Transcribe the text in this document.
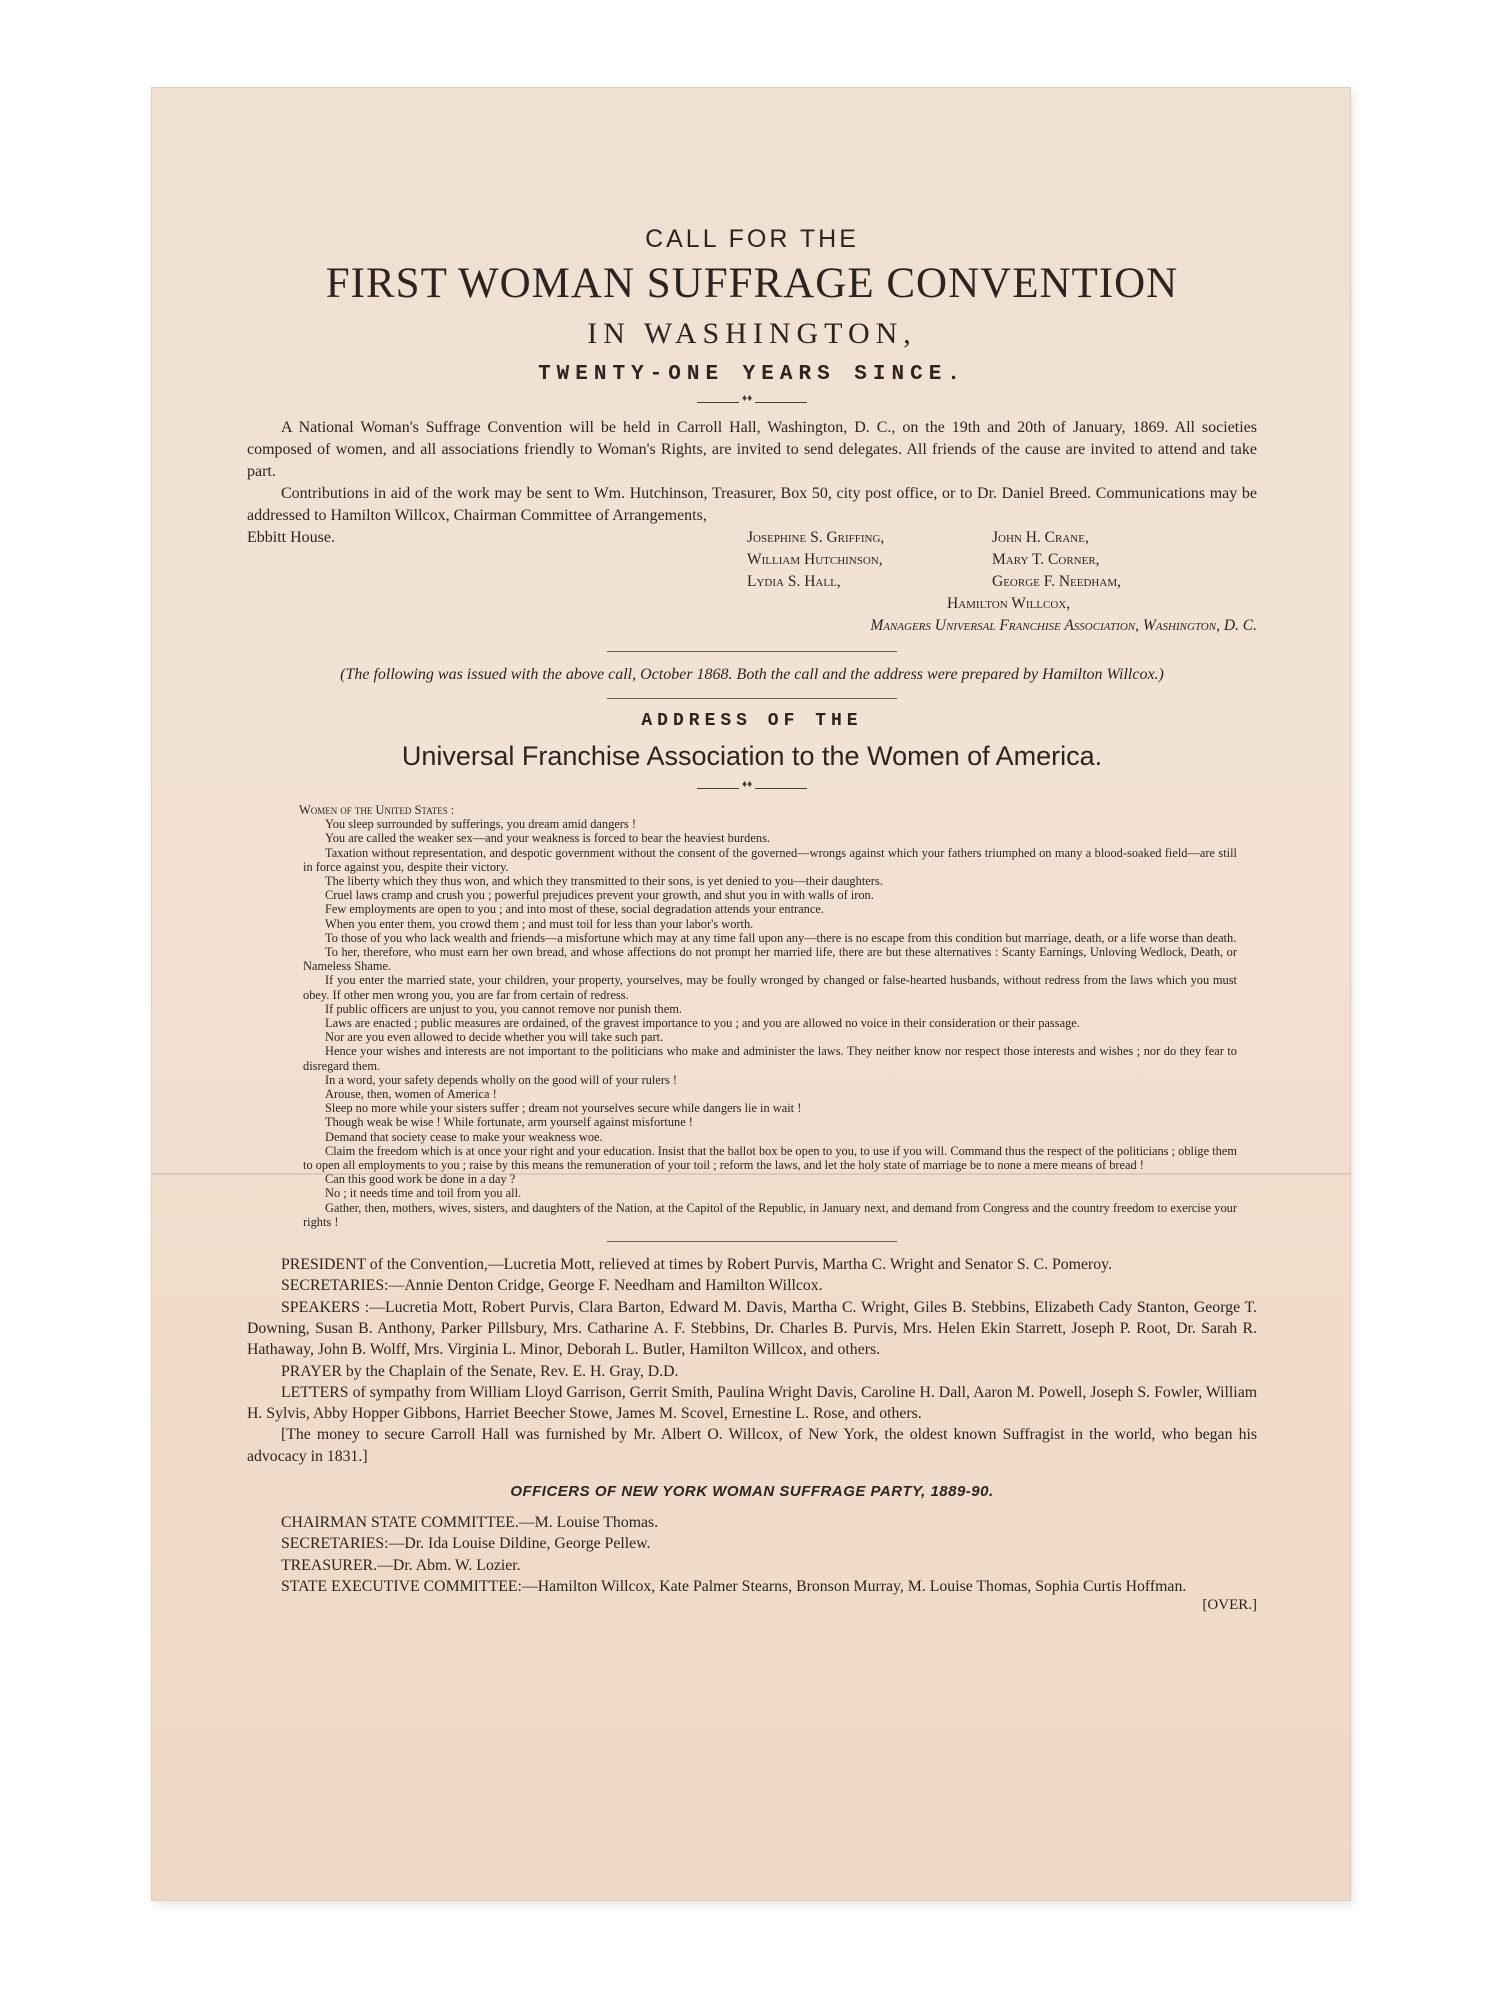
CALL FOR THE
FIRST WOMAN SUFFRAGE CONVENTION
IN WASHINGTON,
TWENTY-ONE YEARS SINCE.
♦♦

A National Woman's Suffrage Convention will be held in Carroll Hall, Washington, D. C., on the 19th and 20th of January, 1869. All societies composed of women, and all associations friendly to Woman's Rights, are invited to send delegates. All friends of the cause are invited to attend and take part.

Contributions in aid of the work may be sent to Wm. Hutchinson, Treasurer, Box 50, city post office, or to Dr. Daniel Breed. Communications may be addressed to Hamilton Willcox, Chairman Committee of Arrangements,

Ebbitt House.	Josephine S. Griffing,	John H. Crane,
William Hutchinson,	Mary T. Corner,
Lydia S. Hall,	George F. Needham,
Hamilton Willcox,
Managers Universal Franchise Association, Washington, D. C.

(The following was issued with the above call, October 1868. Both the call and the address were prepared by Hamilton Willcox.)

ADDRESS OF THE
Universal Franchise Association to the Women of America.
♦♦

Women of the United States :

You sleep surrounded by sufferings, you dream amid dangers !

You are called the weaker sex—and your weakness is forced to bear the heaviest burdens.

Taxation without representation, and despotic government without the consent of the governed—wrongs against which your fathers triumphed on many a blood-soaked field—are still in force against you, despite their victory.

The liberty which they thus won, and which they transmitted to their sons, is yet denied to you—their daughters.

Cruel laws cramp and crush you ; powerful prejudices prevent your growth, and shut you in with walls of iron.

Few employments are open to you ; and into most of these, social degradation attends your entrance.

When you enter them, you crowd them ; and must toil for less than your labor's worth.

To those of you who lack wealth and friends—a misfortune which may at any time fall upon any—there is no escape from this condition but marriage, death, or a life worse than death.

To her, therefore, who must earn her own bread, and whose affections do not prompt her married life, there are but these alternatives : Scanty Earnings, Unloving Wedlock, Death, or Nameless Shame.

If you enter the married state, your children, your property, yourselves, may be foully wronged by changed or false-hearted husbands, without redress from the laws which you must obey. If other men wrong you, you are far from certain of redress.

If public officers are unjust to you, you cannot remove nor punish them.

Laws are enacted ; public measures are ordained, of the gravest importance to you ; and you are allowed no voice in their consideration or their passage.

Nor are you even allowed to decide whether you will take such part.

Hence your wishes and interests are not important to the politicians who make and administer the laws. They neither know nor respect those interests and wishes ; nor do they fear to disregard them.

In a word, your safety depends wholly on the good will of your rulers !

Arouse, then, women of America !

Sleep no more while your sisters suffer ; dream not yourselves secure while dangers lie in wait !

Though weak be wise ! While fortunate, arm yourself against misfortune !

Demand that society cease to make your weakness woe.

Claim the freedom which is at once your right and your education. Insist that the ballot box be open to you, to use if you will. Command thus the respect of the politicians ; oblige them to open all employments to you ; raise by this means the remuneration of your toil ; reform the laws, and let the holy state of marriage be to none a mere means of bread !

Can this good work be done in a day ?

No ; it needs time and toil from you all.

Gather, then, mothers, wives, sisters, and daughters of the Nation, at the Capitol of the Republic, in January next, and demand from Congress and the country freedom to exercise your rights !

PRESIDENT of the Convention,—Lucretia Mott, relieved at times by Robert Purvis, Martha C. Wright and Senator S. C. Pomeroy.

SECRETARIES:—Annie Denton Cridge, George F. Needham and Hamilton Willcox.

SPEAKERS :—Lucretia Mott, Robert Purvis, Clara Barton, Edward M. Davis, Martha C. Wright, Giles B. Stebbins, Elizabeth Cady Stanton, George T. Downing, Susan B. Anthony, Parker Pillsbury, Mrs. Catharine A. F. Stebbins, Dr. Charles B. Purvis, Mrs. Helen Ekin Starrett, Joseph P. Root, Dr. Sarah R. Hathaway, John B. Wolff, Mrs. Virginia L. Minor, Deborah L. Butler, Hamilton Willcox, and others.

PRAYER by the Chaplain of the Senate, Rev. E. H. Gray, D.D.

LETTERS of sympathy from William Lloyd Garrison, Gerrit Smith, Paulina Wright Davis, Caroline H. Dall, Aaron M. Powell, Joseph S. Fowler, William H. Sylvis, Abby Hopper Gibbons, Harriet Beecher Stowe, James M. Scovel, Ernestine L. Rose, and others.

[The money to secure Carroll Hall was furnished by Mr. Albert O. Willcox, of New York, the oldest known Suffragist in the world, who began his advocacy in 1831.]

OFFICERS OF NEW YORK WOMAN SUFFRAGE PARTY, 1889-90.

CHAIRMAN STATE COMMITTEE.—M. Louise Thomas.

SECRETARIES:—Dr. Ida Louise Dildine, George Pellew.

TREASURER.—Dr. Abm. W. Lozier.

STATE EXECUTIVE COMMITTEE:—Hamilton Willcox, Kate Palmer Stearns, Bronson Murray, M. Louise Thomas, Sophia Curtis Hoffman.

[OVER.]
